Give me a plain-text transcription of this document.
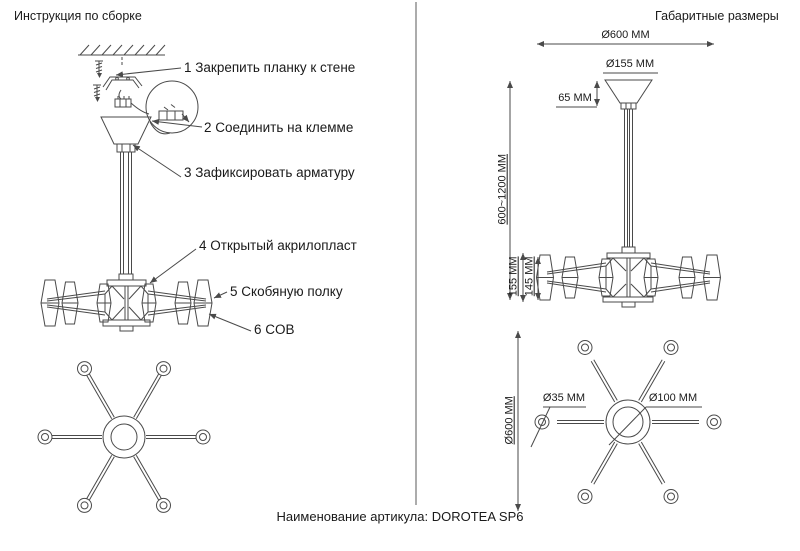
Инструкция по сборке	Габаритные размеры
1 Закрепить планку к стене
2 Соединить на клемме
3 Зафиксировать арматуру
4 Открытый акрилопласт
5 Скобяную полку
6 COB
Ø600 ММ
Ø155 ММ
65 ММ
600~1200 ММ
155 ММ 145 ММ
Ø600 ММ Ø35 ММ	Ø100 ММ
Наименование артикула: DOROTEA SP6
